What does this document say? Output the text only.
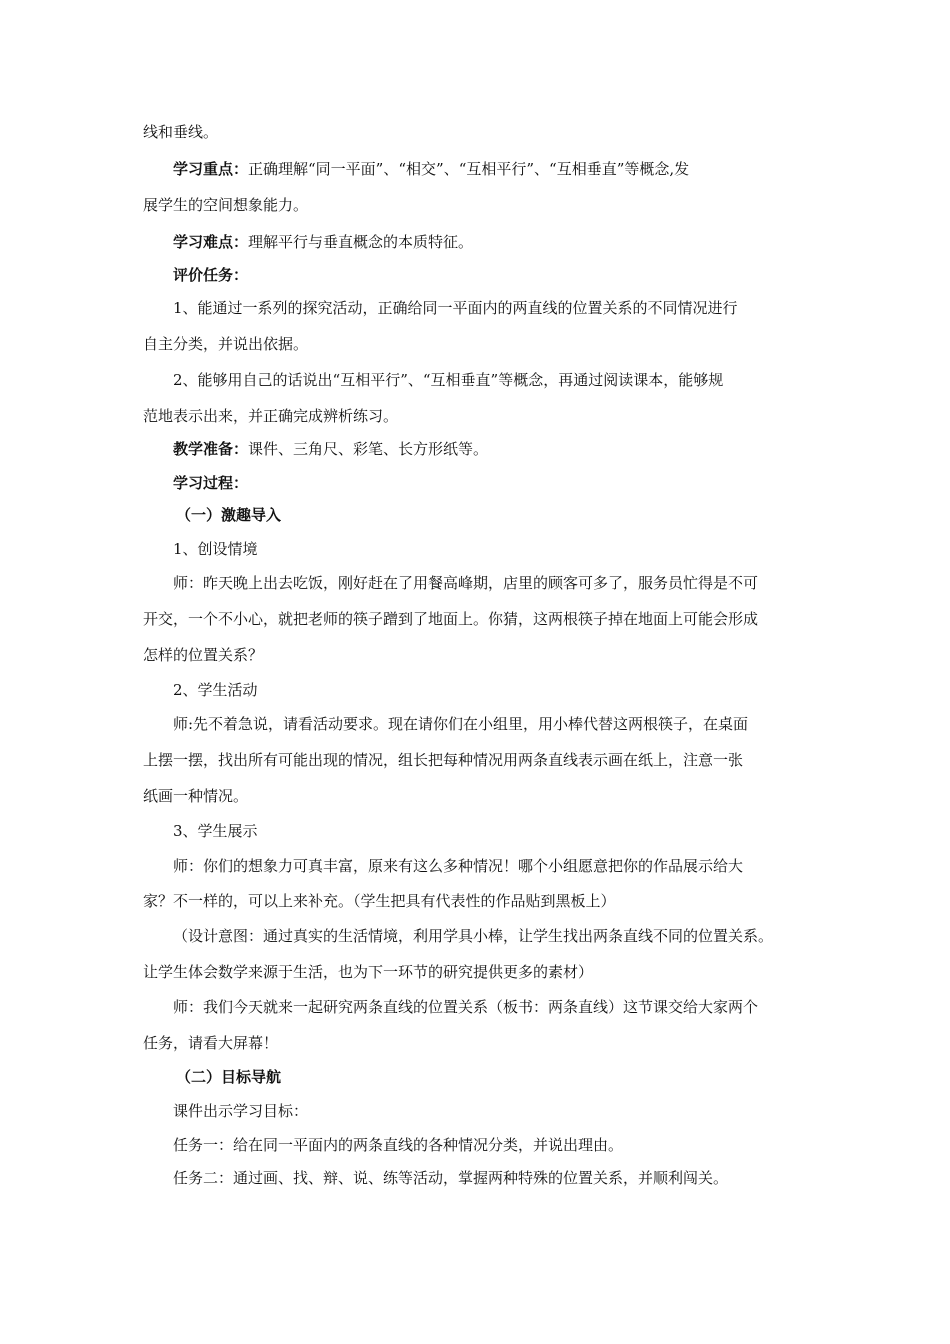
线和垂线。
学习重点：正确理解“同一平面”、“相交”、“互相平行”、“互相垂直”等概念,发
展学生的空间想象能力。
学习难点：理解平行与垂直概念的本质特征。
评价任务：
1、能通过一系列的探究活动，正确给同一平面内的两直线的位置关系的不同情况进行
自主分类，并说出依据。
2、能够用自己的话说出“互相平行”、“互相垂直”等概念，再通过阅读课本，能够规
范地表示出来，并正确完成辨析练习。
教学准备：课件、三角尺、彩笔、长方形纸等。
学习过程：
（一）激趣导入
1、创设情境
师：昨天晚上出去吃饭，刚好赶在了用餐高峰期，店里的顾客可多了，服务员忙得是不可
开交，一个不小心，就把老师的筷子蹭到了地面上。你猜，这两根筷子掉在地面上可能会形成
怎样的位置关系？
2、学生活动
师:先不着急说，请看活动要求。现在请你们在小组里，用小棒代替这两根筷子，在桌面
上摆一摆，找出所有可能出现的情况，组长把每种情况用两条直线表示画在纸上，注意一张
纸画一种情况。
3、学生展示
师：你们的想象力可真丰富，原来有这么多种情况！哪个小组愿意把你的作品展示给大
家？不一样的，可以上来补充。（学生把具有代表性的作品贴到黑板上）
（设计意图：通过真实的生活情境，利用学具小棒，让学生找出两条直线不同的位置关系。
让学生体会数学来源于生活，也为下一环节的研究提供更多的素材）
师：我们今天就来一起研究两条直线的位置关系（板书：两条直线）这节课交给大家两个
任务，请看大屏幕！
（二）目标导航
课件出示学习目标：
任务一：给在同一平面内的两条直线的各种情况分类，并说出理由。
任务二：通过画、找、辩、说、练等活动，掌握两种特殊的位置关系，并顺利闯关。
